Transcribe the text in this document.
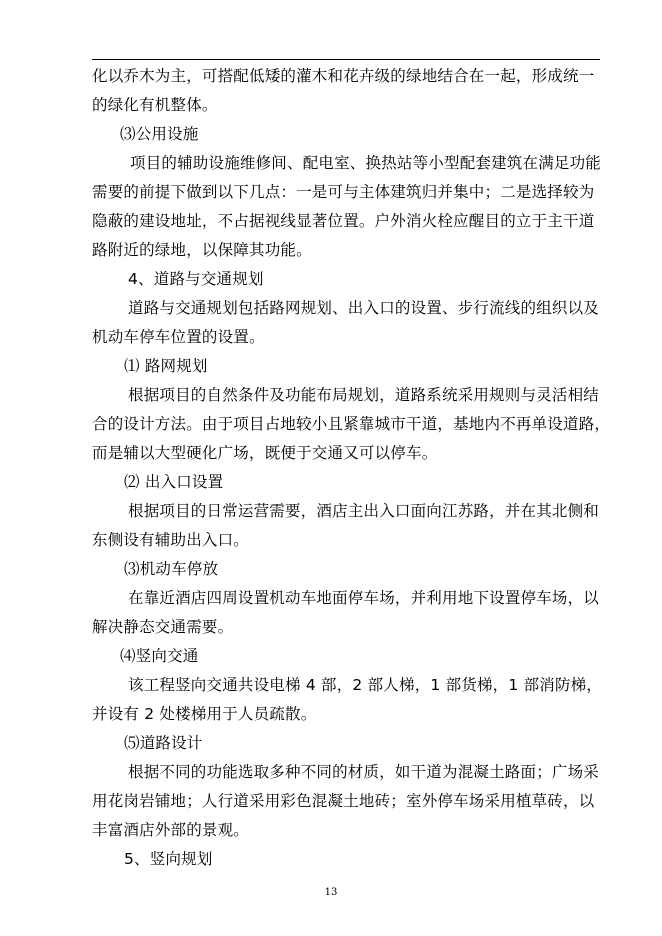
化以乔木为主，可搭配低矮的灌木和花卉级的绿地结合在一起，形成统一
的绿化有机整体。
⑶公用设施
项目的辅助设施维修间、配电室、换热站等小型配套建筑在满足功能
需要的前提下做到以下几点：一是可与主体建筑归并集中；二是选择较为
隐蔽的建设地址，不占据视线显著位置。户外消火栓应醒目的立于主干道
路附近的绿地，以保障其功能。
4、道路与交通规划
道路与交通规划包括路网规划、出入口的设置、步行流线的组织以及
机动车停车位置的设置。
⑴ 路网规划
根据项目的自然条件及功能布局规划，道路系统采用规则与灵活相结
合的设计方法。由于项目占地较小且紧靠城市干道，基地内不再单设道路，
而是辅以大型硬化广场，既便于交通又可以停车。
⑵ 出入口设置
根据项目的日常运营需要，酒店主出入口面向江苏路，并在其北侧和
东侧设有辅助出入口。
⑶机动车停放
在靠近酒店四周设置机动车地面停车场，并利用地下设置停车场，以
解决静态交通需要。
⑷竖向交通
该工程竖向交通共设电梯 4 部，2 部人梯，1 部货梯，1 部消防梯，
并设有 2 处楼梯用于人员疏散。
⑸道路设计
根据不同的功能选取多种不同的材质，如干道为混凝土路面；广场采
用花岗岩铺地；人行道采用彩色混凝土地砖；室外停车场采用植草砖，以
丰富酒店外部的景观。
5、竖向规划
13
